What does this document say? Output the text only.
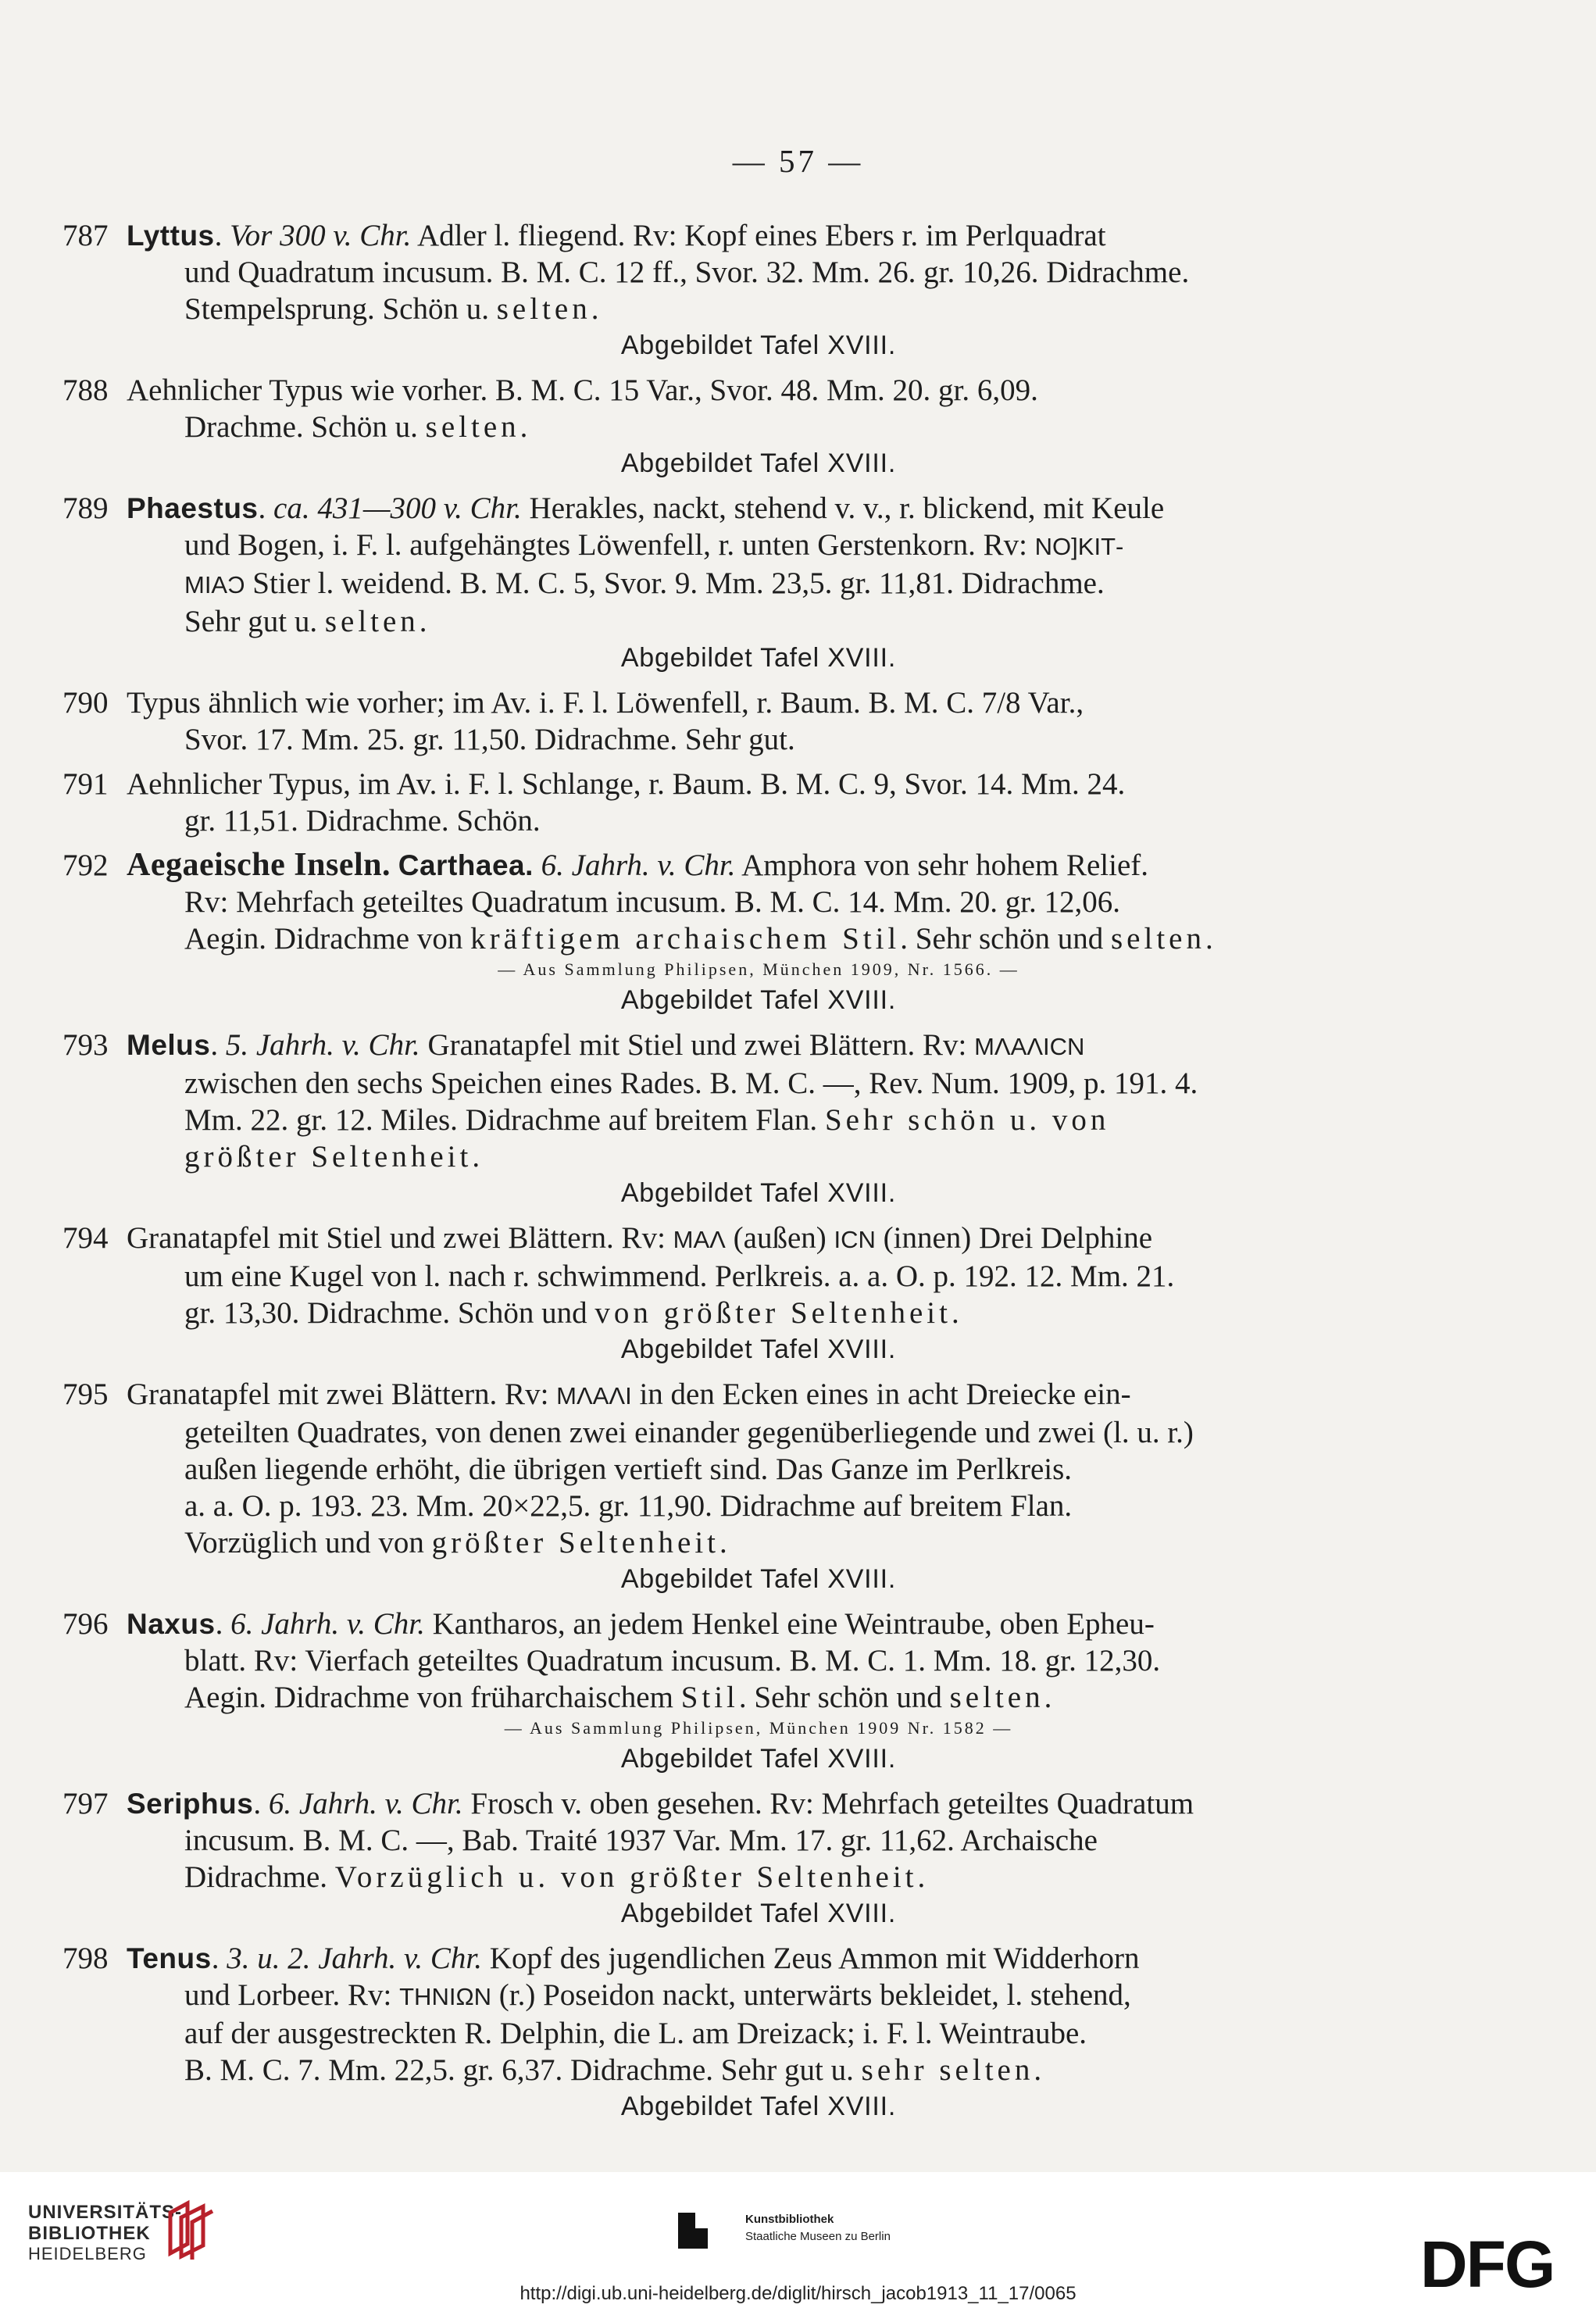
— 57 —
787 Lyttus. Vor 300 v. Chr. Adler l. fliegend. Rv: Kopf eines Ebers r. im Perlquadrat
und Quadratum incusum. B. M. C. 12 ff., Svor. 32. Mm. 26. gr. 10,26. Didrachme.
Stempelsprung. Schön u. selten.
Abgebildet Tafel XVIII.
788 Aehnlicher Typus wie vorher. B. M. C. 15 Var., Svor. 48. Mm. 20. gr. 6,09.
Drachme. Schön u. selten.
Abgebildet Tafel XVIII.
789 Phaestus. ca. 431—300 v. Chr. Herakles, nackt, stehend v. v., r. blickend, mit Keule
und Bogen, i. F. l. aufgehängtes Löwenfell, r. unten Gerstenkorn. Rv: NO]ΚΙΤ-
ΜΙΑϽ Stier l. weidend. B. M. C. 5, Svor. 9. Mm. 23,5. gr. 11,81. Didrachme.
Sehr gut u. selten.
Abgebildet Tafel XVIII.
790 Typus ähnlich wie vorher; im Av. i. F. l. Löwenfell, r. Baum. B. M. C. 7/8 Var.,
Svor. 17. Mm. 25. gr. 11,50. Didrachme. Sehr gut.
791 Aehnlicher Typus, im Av. i. F. l. Schlange, r. Baum. B. M. C. 9, Svor. 14. Mm. 24.
gr. 11,51. Didrachme. Schön.
792 Aegaeische Inseln. Carthaea. 6. Jahrh. v. Chr. Amphora von sehr hohem Relief.
Rv: Mehrfach geteiltes Quadratum incusum. B. M. C. 14. Mm. 20. gr. 12,06.
Aegin. Didrachme von kräftigem archaischem Stil. Sehr schön und selten.
— Aus Sammlung Philipsen, München 1909, Nr. 1566. —
Abgebildet Tafel XVIII.
793 Melus. 5. Jahrh. v. Chr. Granatapfel mit Stiel und zwei Blättern. Rv: ΜΛΑΛΙϹΝ
zwischen den sechs Speichen eines Rades. B. M. C. —, Rev. Num. 1909, p. 191. 4.
Mm. 22. gr. 12. Miles. Didrachme auf breitem Flan. Sehr schön u. von
größter Seltenheit.
Abgebildet Tafel XVIII.
794 Granatapfel mit Stiel und zwei Blättern. Rv: ΜΑΛ (außen) ΙϹΝ (innen) Drei Delphine
um eine Kugel von l. nach r. schwimmend. Perlkreis. a. a. O. p. 192. 12. Mm. 21.
gr. 13,30. Didrachme. Schön und von größter Seltenheit.
Abgebildet Tafel XVIII.
795 Granatapfel mit zwei Blättern. Rv: ΜΛΑΛΙ in den Ecken eines in acht Dreiecke ein-
geteilten Quadrates, von denen zwei einander gegenüberliegende und zwei (l. u. r.)
außen liegende erhöht, die übrigen vertieft sind. Das Ganze im Perlkreis.
a. a. O. p. 193. 23. Mm. 20×22,5. gr. 11,90. Didrachme auf breitem Flan.
Vorzüglich und von größter Seltenheit.
Abgebildet Tafel XVIII.
796 Naxus. 6. Jahrh. v. Chr. Kantharos, an jedem Henkel eine Weintraube, oben Epheu-
blatt. Rv: Vierfach geteiltes Quadratum incusum. B. M. C. 1. Mm. 18. gr. 12,30.
Aegin. Didrachme von früharchaischem Stil. Sehr schön und selten.
— Aus Sammlung Philipsen, München 1909 Nr. 1582 —
Abgebildet Tafel XVIII.
797 Seriphus. 6. Jahrh. v. Chr. Frosch v. oben gesehen. Rv: Mehrfach geteiltes Quadratum
incusum. B. M. C. —, Bab. Traité 1937 Var. Mm. 17. gr. 11,62. Archaische
Didrachme. Vorzüglich u. von größter Seltenheit.
Abgebildet Tafel XVIII.
798 Tenus. 3. u. 2. Jahrh. v. Chr. Kopf des jugendlichen Zeus Ammon mit Widderhorn
und Lorbeer. Rv: ΤΗΝΙΩΝ (r.) Poseidon nackt, unterwärts bekleidet, l. stehend,
auf der ausgestreckten R. Delphin, die L. am Dreizack; i. F. l. Weintraube.
B. M. C. 7. Mm. 22,5. gr. 6,37. Didrachme. Sehr gut u. sehr selten.
Abgebildet Tafel XVIII.
UNIVERSITÄTS-
BIBLIOTHEK
HEIDELBERG
Kunstbibliothek
Staatliche Museen zu Berlin	DFG
http://digi.ub.uni-heidelberg.de/diglit/hirsch_jacob1913_11_17/0065
